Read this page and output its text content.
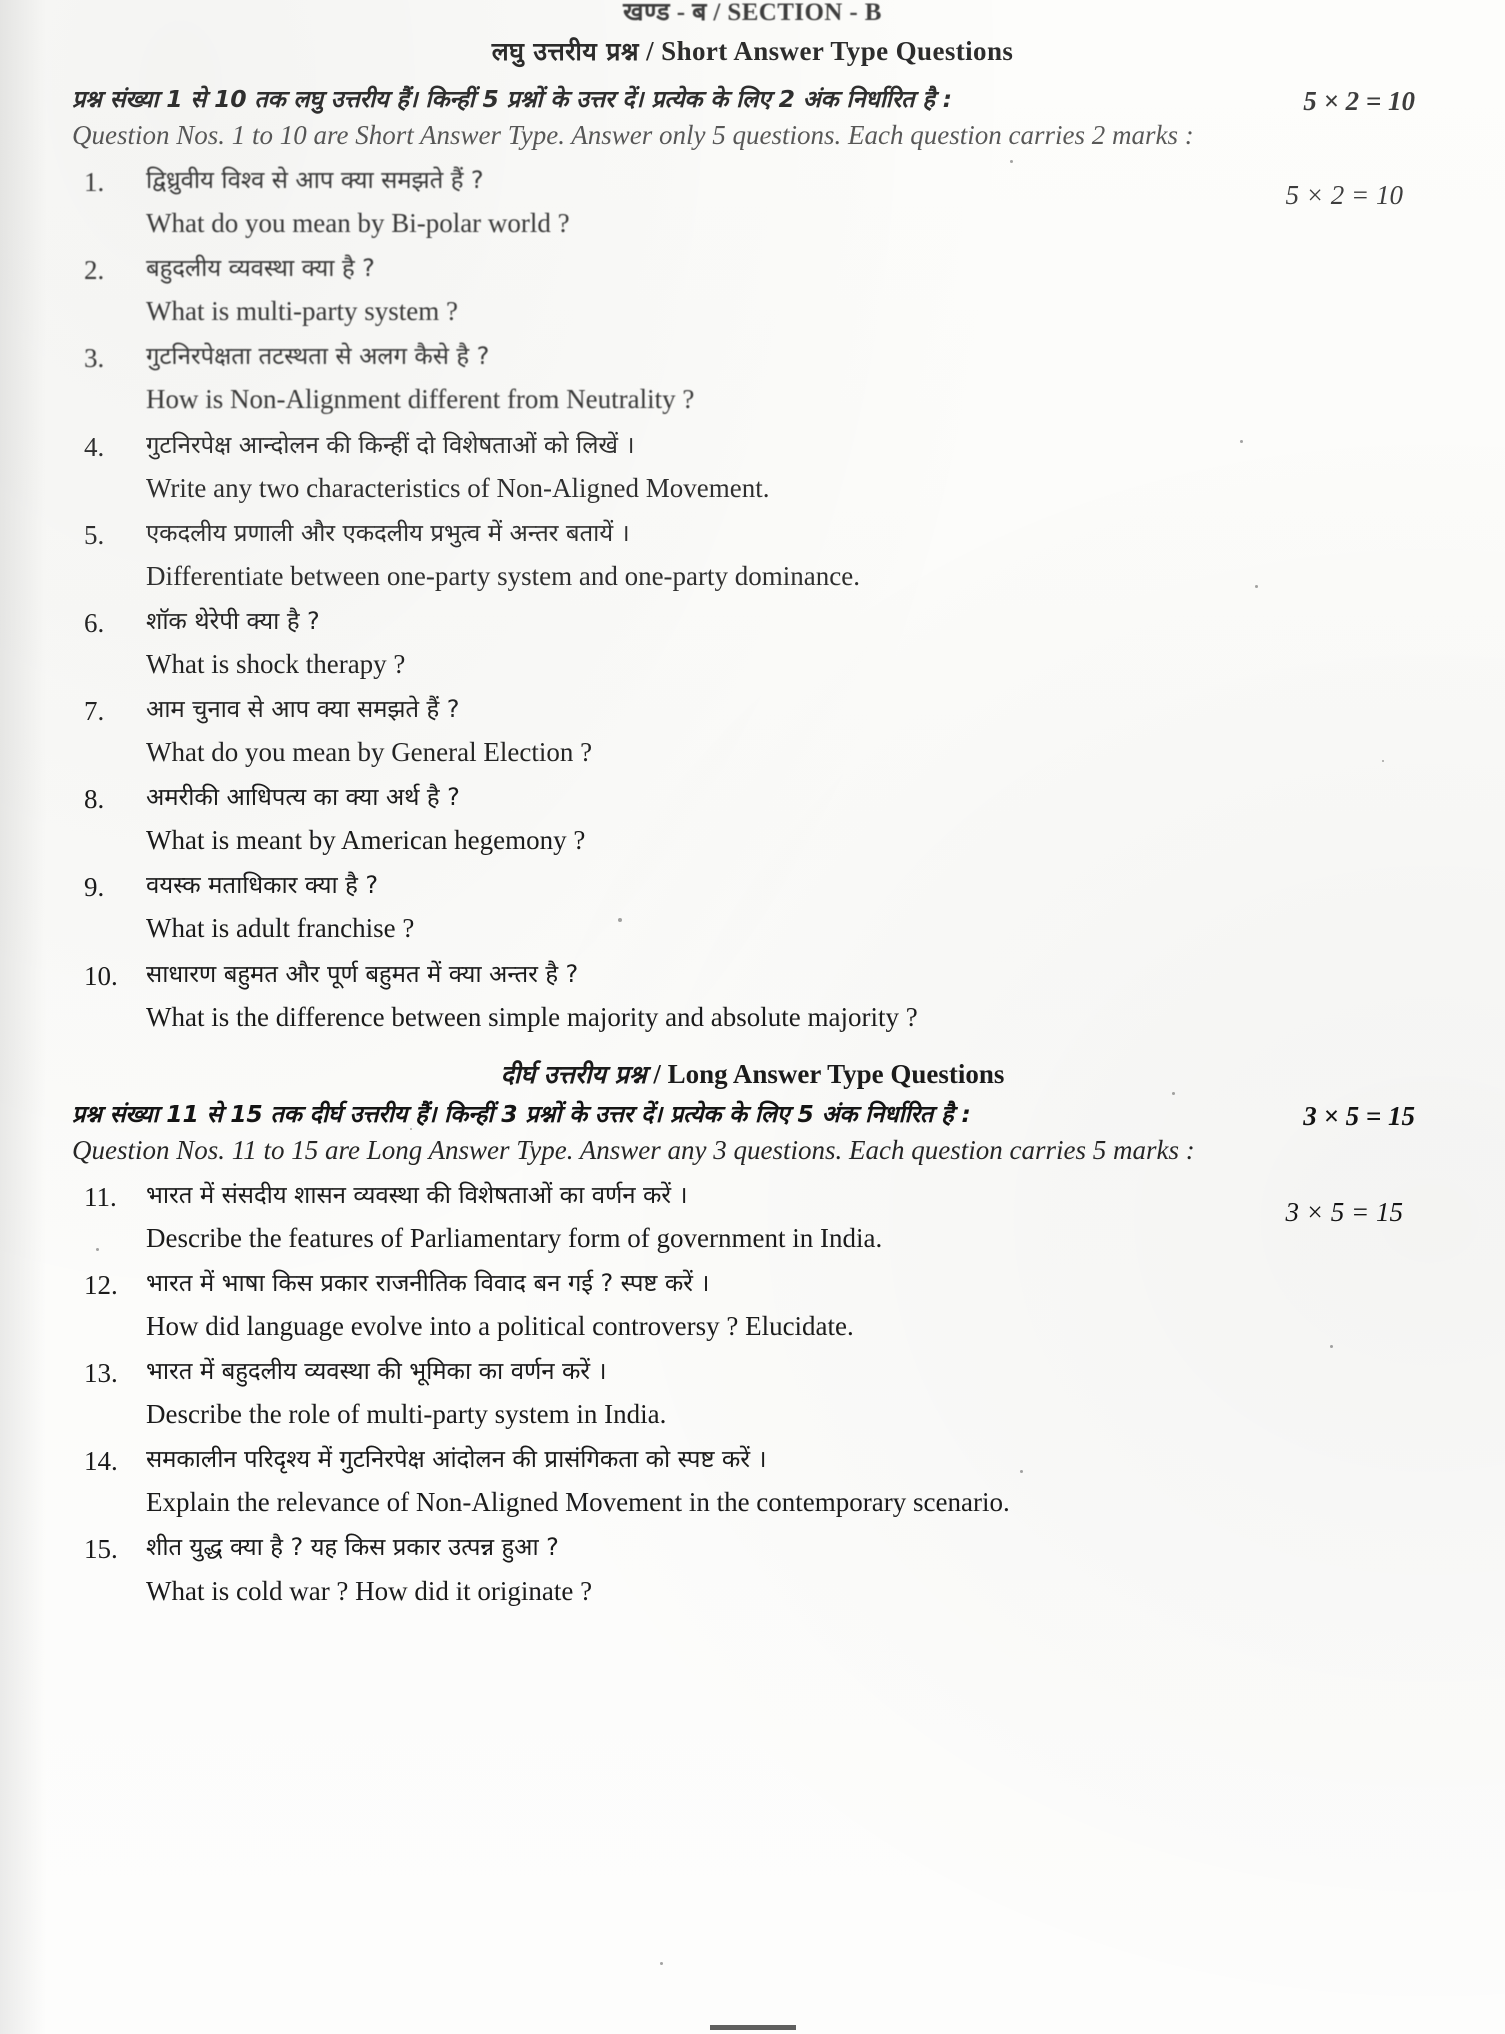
खण्ड - ब / SECTION - B
लघु उत्तरीय प्रश्न / Short Answer Type Questions
प्रश्न संख्या 1 से 10 तक लघु उत्तरीय हैं। किन्हीं 5 प्रश्नों के उत्तर दें। प्रत्येक के लिए 2 अंक निर्धारित है :	5 × 2 = 10
Question Nos. 1 to 10 are Short Answer Type. Answer only 5 questions. Each question carries 2 marks :
5 × 2 = 10
1.	द्विध्रुवीय विश्व से आप क्या समझते हैं ?
What do you mean by Bi-polar world ?
2.	बहुदलीय व्यवस्था क्या है ?
What is multi-party system ?
3.	गुटनिरपेक्षता तटस्थता से अलग कैसे है ?
How is Non-Alignment different from Neutrality ?
4.	गुटनिरपेक्ष आन्दोलन की किन्हीं दो विशेषताओं को लिखें ।
Write any two characteristics of Non-Aligned Movement.
5.	एकदलीय प्रणाली और एकदलीय प्रभुत्व में अन्तर बतायें ।
Differentiate between one-party system and one-party dominance.
6.	शॉक थेरेपी क्या है ?
What is shock therapy ?
7.	आम चुनाव से आप क्या समझते हैं ?
What do you mean by General Election ?
8.	अमरीकी आधिपत्य का क्या अर्थ है ?
What is meant by American hegemony ?
9.	वयस्क मताधिकार क्या है ?
What is adult franchise ?
10.	साधारण बहुमत और पूर्ण बहुमत में क्या अन्तर है ?
What is the difference between simple majority and absolute majority ?
दीर्घ उत्तरीय प्रश्न / Long Answer Type Questions
प्रश्न संख्या 11 से 15 तक दीर्घ उत्तरीय हैं। किन्हीं 3 प्रश्नों के उत्तर दें। प्रत्येक के लिए 5 अंक निर्धारित है :	3 × 5 = 15
Question Nos. 11 to 15 are Long Answer Type. Answer any 3 questions. Each question carries 5 marks :
3 × 5 = 15
11.	भारत में संसदीय शासन व्यवस्था की विशेषताओं का वर्णन करें ।
Describe the features of Parliamentary form of government in India.
12.	भारत में भाषा किस प्रकार राजनीतिक विवाद बन गई ? स्पष्ट करें ।
How did language evolve into a political controversy ? Elucidate.
13.	भारत में बहुदलीय व्यवस्था की भूमिका का वर्णन करें ।
Describe the role of multi-party system in India.
14.	समकालीन परिदृश्य में गुटनिरपेक्ष आंदोलन की प्रासंगिकता को स्पष्ट करें ।
Explain the relevance of Non-Aligned Movement in the contemporary scenario.
15.	शीत युद्ध क्या है ? यह किस प्रकार उत्पन्न हुआ ?
What is cold war ? How did it originate ?
